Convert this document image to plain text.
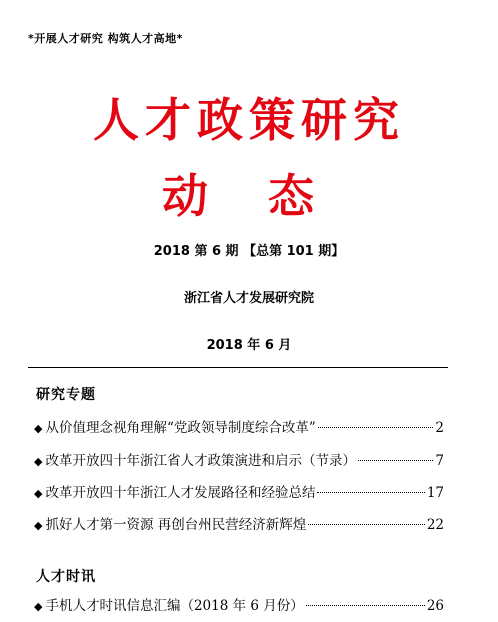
*开展人才研究 构筑人才高地*
人才政策研究
动 态
2018 第 6 期 【总第 101 期】
浙江省人才发展研究院
2018 年 6 月
研究专题
◆ 从价值理念视角理解“党政领导制度综合改革”	2
◆ 改革开放四十年浙江省人才政策演进和启示（节录）	7
◆ 改革开放四十年浙江人才发展路径和经验总结	17
◆ 抓好人才第一资源 再创台州民营经济新辉煌	22
人才时讯
◆ 手机人才时讯信息汇编（2018 年 6 月份）	26
